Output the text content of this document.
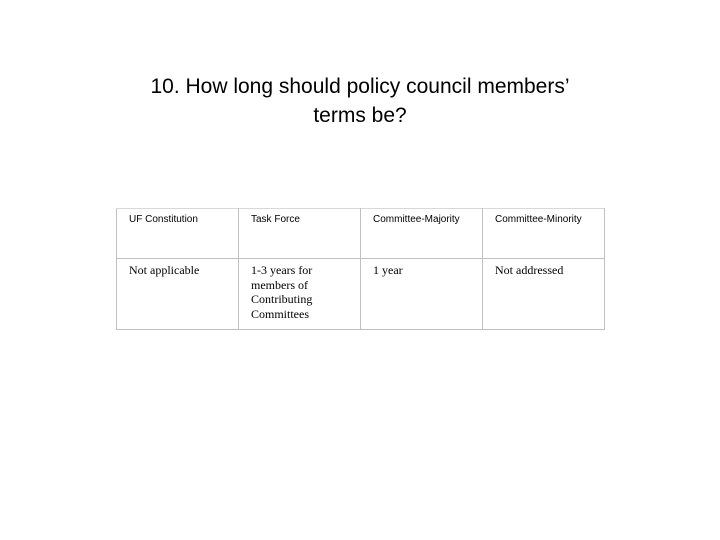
10. How long should policy council members’
terms be?
UF Constitution	Task Force	Committee-Majority	Committee-Minority
Not applicable	1-3 years for members of Contributing Committees	1 year	Not addressed
